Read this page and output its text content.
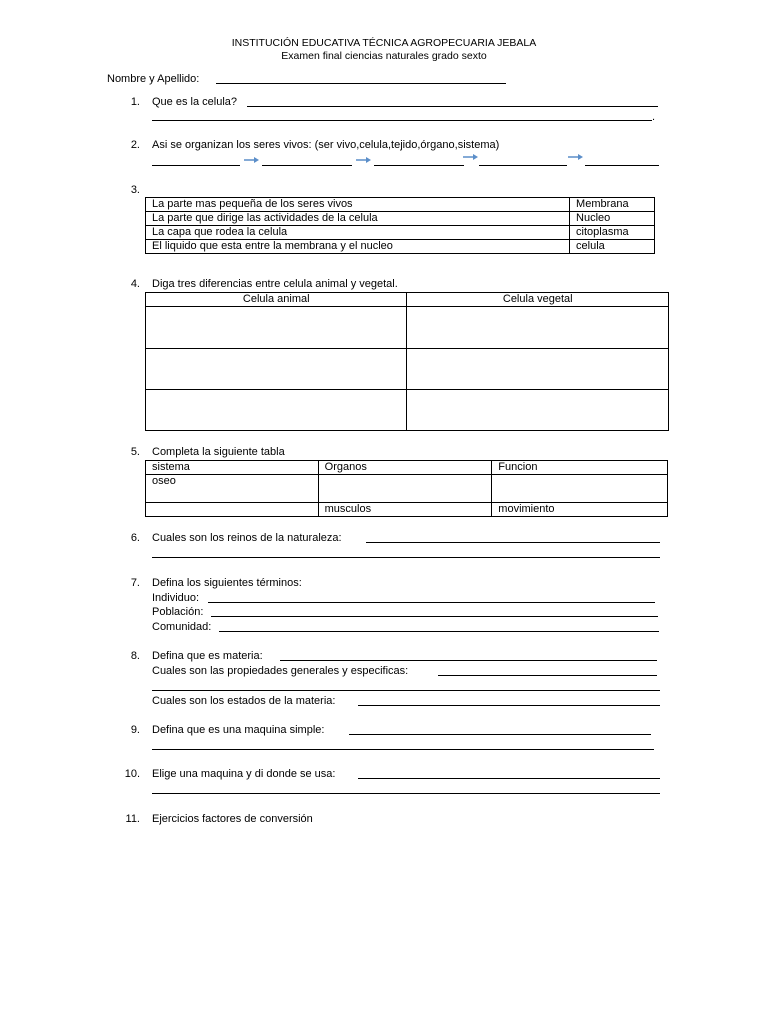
INSTITUCIÓN EDUCATIVA TÉCNICA AGROPECUARIA JEBALA
Examen final ciencias naturales grado sexto
Nombre y Apellido:
1. Que es la celula?
.
2. Asi se organizan los seres vivos: (ser vivo,celula,tejido,órgano,sistema)
3.
La parte mas pequeña de los seres vivos	Membrana
La parte que dirige las actividades de la celula	Nucleo
La capa que rodea la celula	citoplasma
El liquido que esta entre la membrana y el nucleo	celula
4. Diga tres diferencias entre celula animal y vegetal.
Celula animal	Celula vegetal

5. Completa la siguiente tabla
sistema	Organos	Funcion
oseo		
	musculos	movimiento
6. Cuales son los reinos de la naturaleza:
7. Defina los siguientes términos:
Individuo:
Población:
Comunidad:
8. Defina que es materia:
Cuales son las propiedades generales y especificas:
Cuales son los estados de la materia:
9. Defina que es una maquina simple:
10. Elige una maquina y di donde se usa:
11. Ejercicios factores de conversión
